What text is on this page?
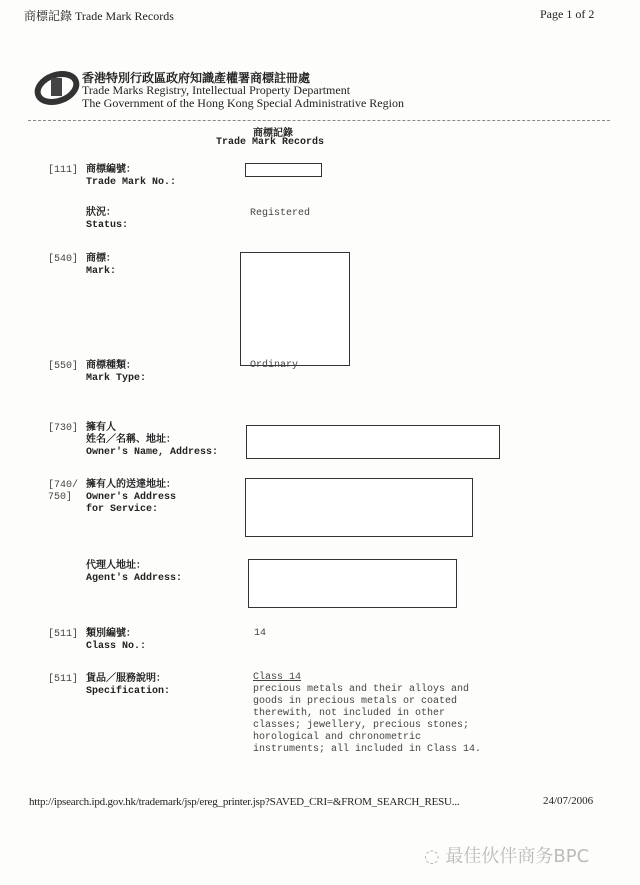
商標記錄 Trade Mark Records	Page 1 of 2
香港特別行政區政府知識產權署商標註冊處
Trade Marks Registry, Intellectual Property Department
The Government of the Hong Kong Special Administrative Region
商標記錄
Trade Mark Records
[111] 商標編號：
Trade Mark No.:
狀況：
Status:
Registered
[540] 商標：
Mark:
[550] 商標種類：
Mark Type:
Ordinary
[730] 擁有人
姓名／名稱、地址：
Owner's Name, Address:
[740/
750]
擁有人的送達地址：
Owner's Address
for Service:
代理人地址：
Agent's Address:
[511] 類別編號：
Class No.:
14
[511] 貨品／服務說明：
Specification:
Class 14
precious metals and their alloys and
goods in precious metals or coated
therewith, not included in other
classes; jewellery, precious stones;
horological and chronometric
instruments; all included in Class 14.
http://ipsearch.ipd.gov.hk/trademark/jsp/ereg_printer.jsp?SAVED_CRI=&FROM_SEARCH_RESU...	24/07/2006
◌ 最佳伙伴商务BPC
